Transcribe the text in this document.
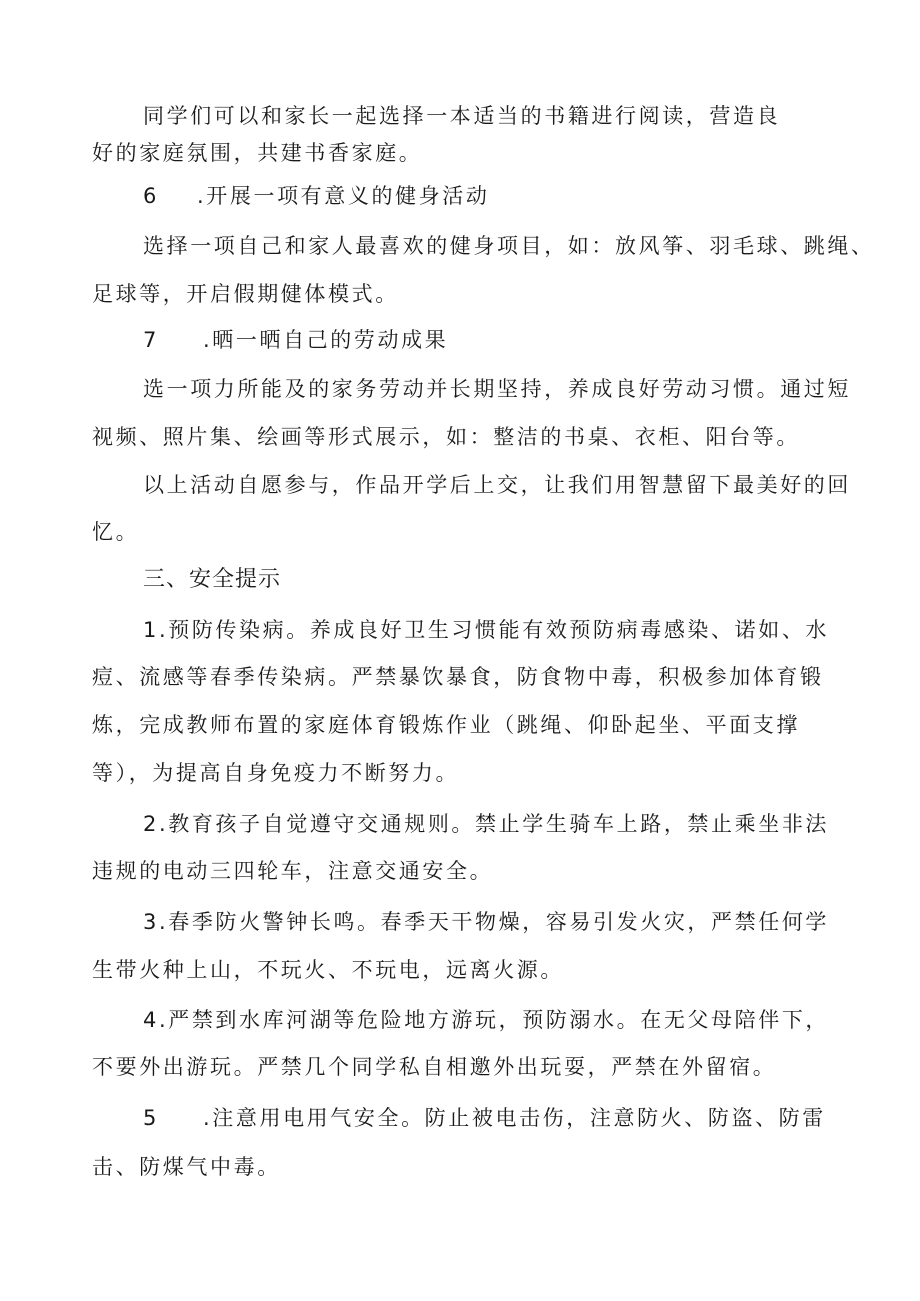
同学们可以和家长一起选择一本适当的书籍进行阅读，营造良
好的家庭氛围，共建书香家庭。
6 .开展一项有意义的健身活动
选择一项自己和家人最喜欢的健身项目，如：放风筝、羽毛球、跳绳、
足球等，开启假期健体模式。
7 .晒一晒自己的劳动成果
选一项力所能及的家务劳动并长期坚持，养成良好劳动习惯。通过短
视频、照片集、绘画等形式展示，如：整洁的书桌、衣柜、阳台等。
以上活动自愿参与，作品开学后上交，让我们用智慧留下最美好的回
忆。
三、安全提示
1.预防传染病。养成良好卫生习惯能有效预防病毒感染、诺如、水
痘、流感等春季传染病。严禁暴饮暴食，防食物中毒，积极参加体育锻
炼，完成教师布置的家庭体育锻炼作业（跳绳、仰卧起坐、平面支撑
等），为提高自身免疫力不断努力。
2.教育孩子自觉遵守交通规则。禁止学生骑车上路，禁止乘坐非法
违规的电动三四轮车，注意交通安全。
3.春季防火警钟长鸣。春季天干物燥，容易引发火灾，严禁任何学
生带火种上山，不玩火、不玩电，远离火源。
4.严禁到水库河湖等危险地方游玩，预防溺水。在无父母陪伴下，
不要外出游玩。严禁几个同学私自相邀外出玩耍，严禁在外留宿。
5 .注意用电用气安全。防止被电击伤，注意防火、防盗、防雷
击、防煤气中毒。
